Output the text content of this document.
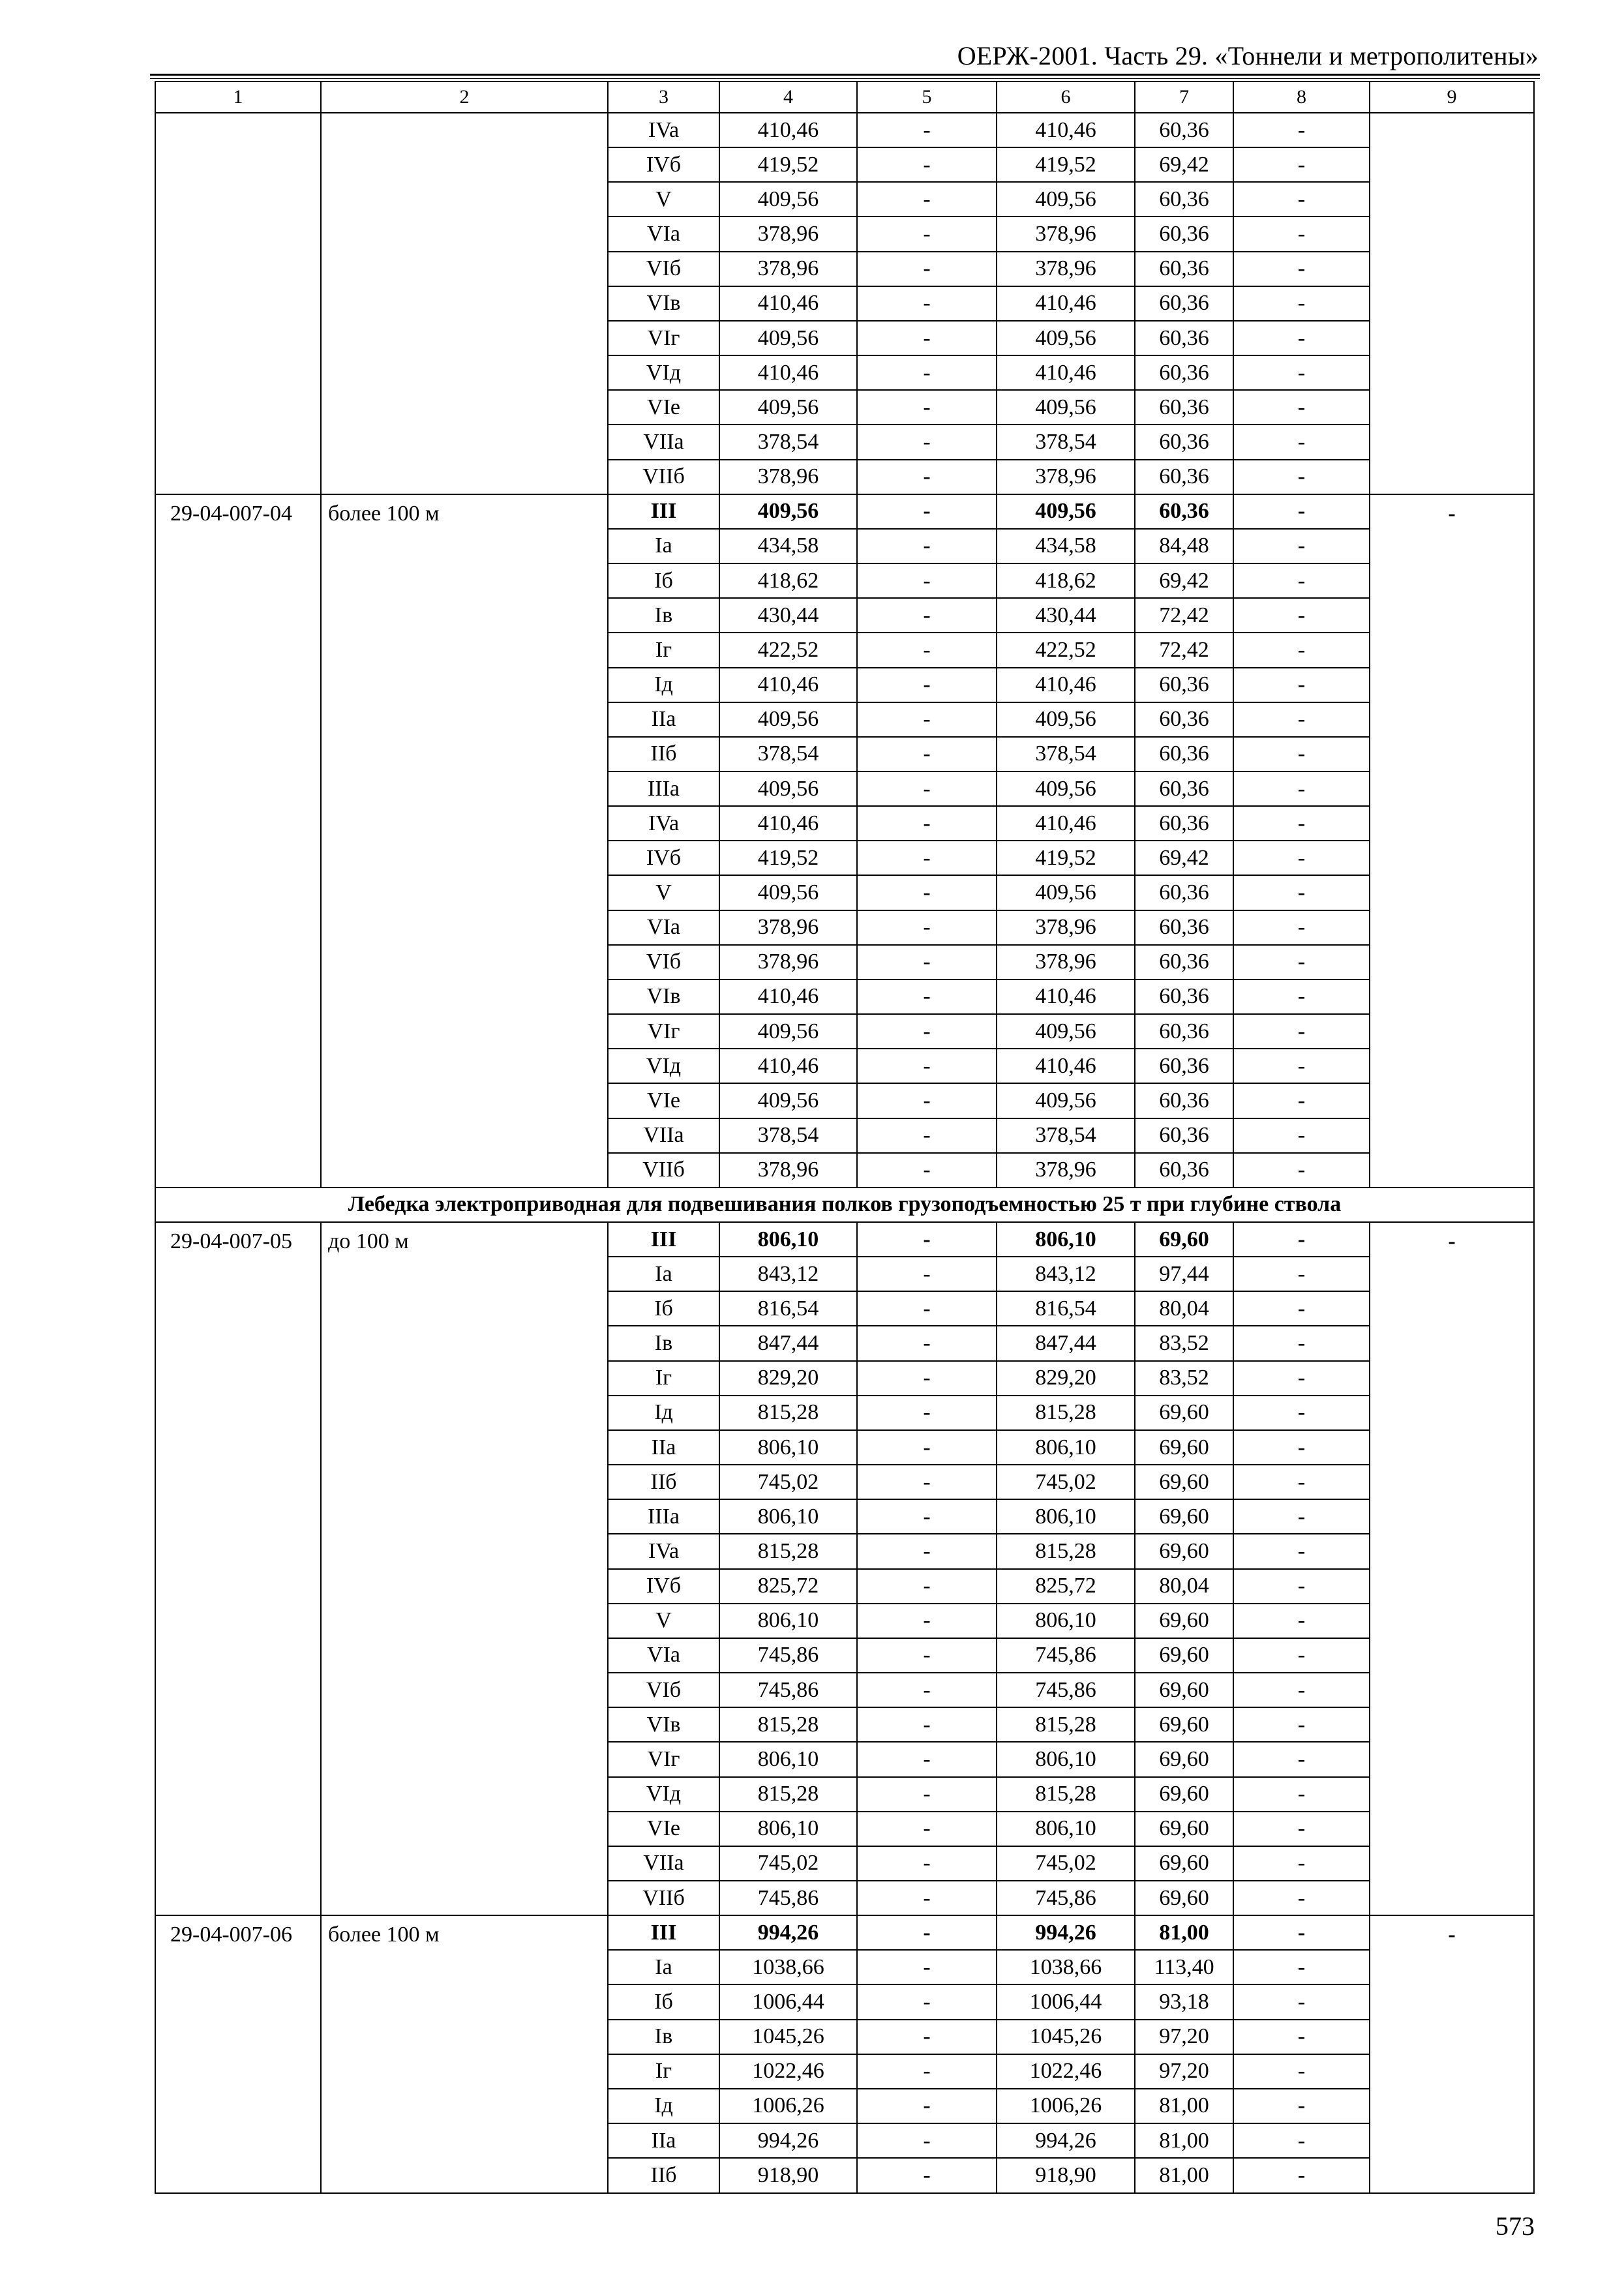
ОЕРЖ-2001. Часть 29. «Тоннели и метрополитены»
1	2	3	4	5	6	7	8	9
		IVa	410,46	-	410,46	60,36	-	
		IVб	419,52	-	419,52	69,42	-	
		V	409,56	-	409,56	60,36	-	
		VIa	378,96	-	378,96	60,36	-	
		VIб	378,96	-	378,96	60,36	-	
		VIв	410,46	-	410,46	60,36	-	
		VIг	409,56	-	409,56	60,36	-	
		VIд	410,46	-	410,46	60,36	-	
		VIe	409,56	-	409,56	60,36	-	
		VIIa	378,54	-	378,54	60,36	-	
		VIIб	378,96	-	378,96	60,36	-	
29-04-007-04	более 100 м	III	409,56	-	409,56	60,36	-	-
		Ia	434,58	-	434,58	84,48	-	
		Iб	418,62	-	418,62	69,42	-	
		Iв	430,44	-	430,44	72,42	-	
		Iг	422,52	-	422,52	72,42	-	
		Iд	410,46	-	410,46	60,36	-	
		IIa	409,56	-	409,56	60,36	-	
		IIб	378,54	-	378,54	60,36	-	
		IIIa	409,56	-	409,56	60,36	-	
		IVa	410,46	-	410,46	60,36	-	
		IVб	419,52	-	419,52	69,42	-	
		V	409,56	-	409,56	60,36	-	
		VIa	378,96	-	378,96	60,36	-	
		VIб	378,96	-	378,96	60,36	-	
		VIв	410,46	-	410,46	60,36	-	
		VIг	409,56	-	409,56	60,36	-	
		VIд	410,46	-	410,46	60,36	-	
		VIe	409,56	-	409,56	60,36	-	
		VIIa	378,54	-	378,54	60,36	-	
		VIIб	378,96	-	378,96	60,36	-	
Лебедка электроприводная для подвешивания полков грузоподъемностью 25 т при глубине ствола								
29-04-007-05	до 100 м	III	806,10	-	806,10	69,60	-	-
		Ia	843,12	-	843,12	97,44	-	
		Iб	816,54	-	816,54	80,04	-	
		Iв	847,44	-	847,44	83,52	-	
		Iг	829,20	-	829,20	83,52	-	
		Iд	815,28	-	815,28	69,60	-	
		IIa	806,10	-	806,10	69,60	-	
		IIб	745,02	-	745,02	69,60	-	
		IIIa	806,10	-	806,10	69,60	-	
		IVa	815,28	-	815,28	69,60	-	
		IVб	825,72	-	825,72	80,04	-	
		V	806,10	-	806,10	69,60	-	
		VIa	745,86	-	745,86	69,60	-	
		VIб	745,86	-	745,86	69,60	-	
		VIв	815,28	-	815,28	69,60	-	
		VIг	806,10	-	806,10	69,60	-	
		VIд	815,28	-	815,28	69,60	-	
		VIe	806,10	-	806,10	69,60	-	
		VIIa	745,02	-	745,02	69,60	-	
		VIIб	745,86	-	745,86	69,60	-	
29-04-007-06	более 100 м	III	994,26	-	994,26	81,00	-	-
		Ia	1038,66	-	1038,66	113,40	-	
		Iб	1006,44	-	1006,44	93,18	-	
		Iв	1045,26	-	1045,26	97,20	-	
		Iг	1022,46	-	1022,46	97,20	-	
		Iд	1006,26	-	1006,26	81,00	-	
		IIa	994,26	-	994,26	81,00	-	
		IIб	918,90	-	918,90	81,00	-	
573
